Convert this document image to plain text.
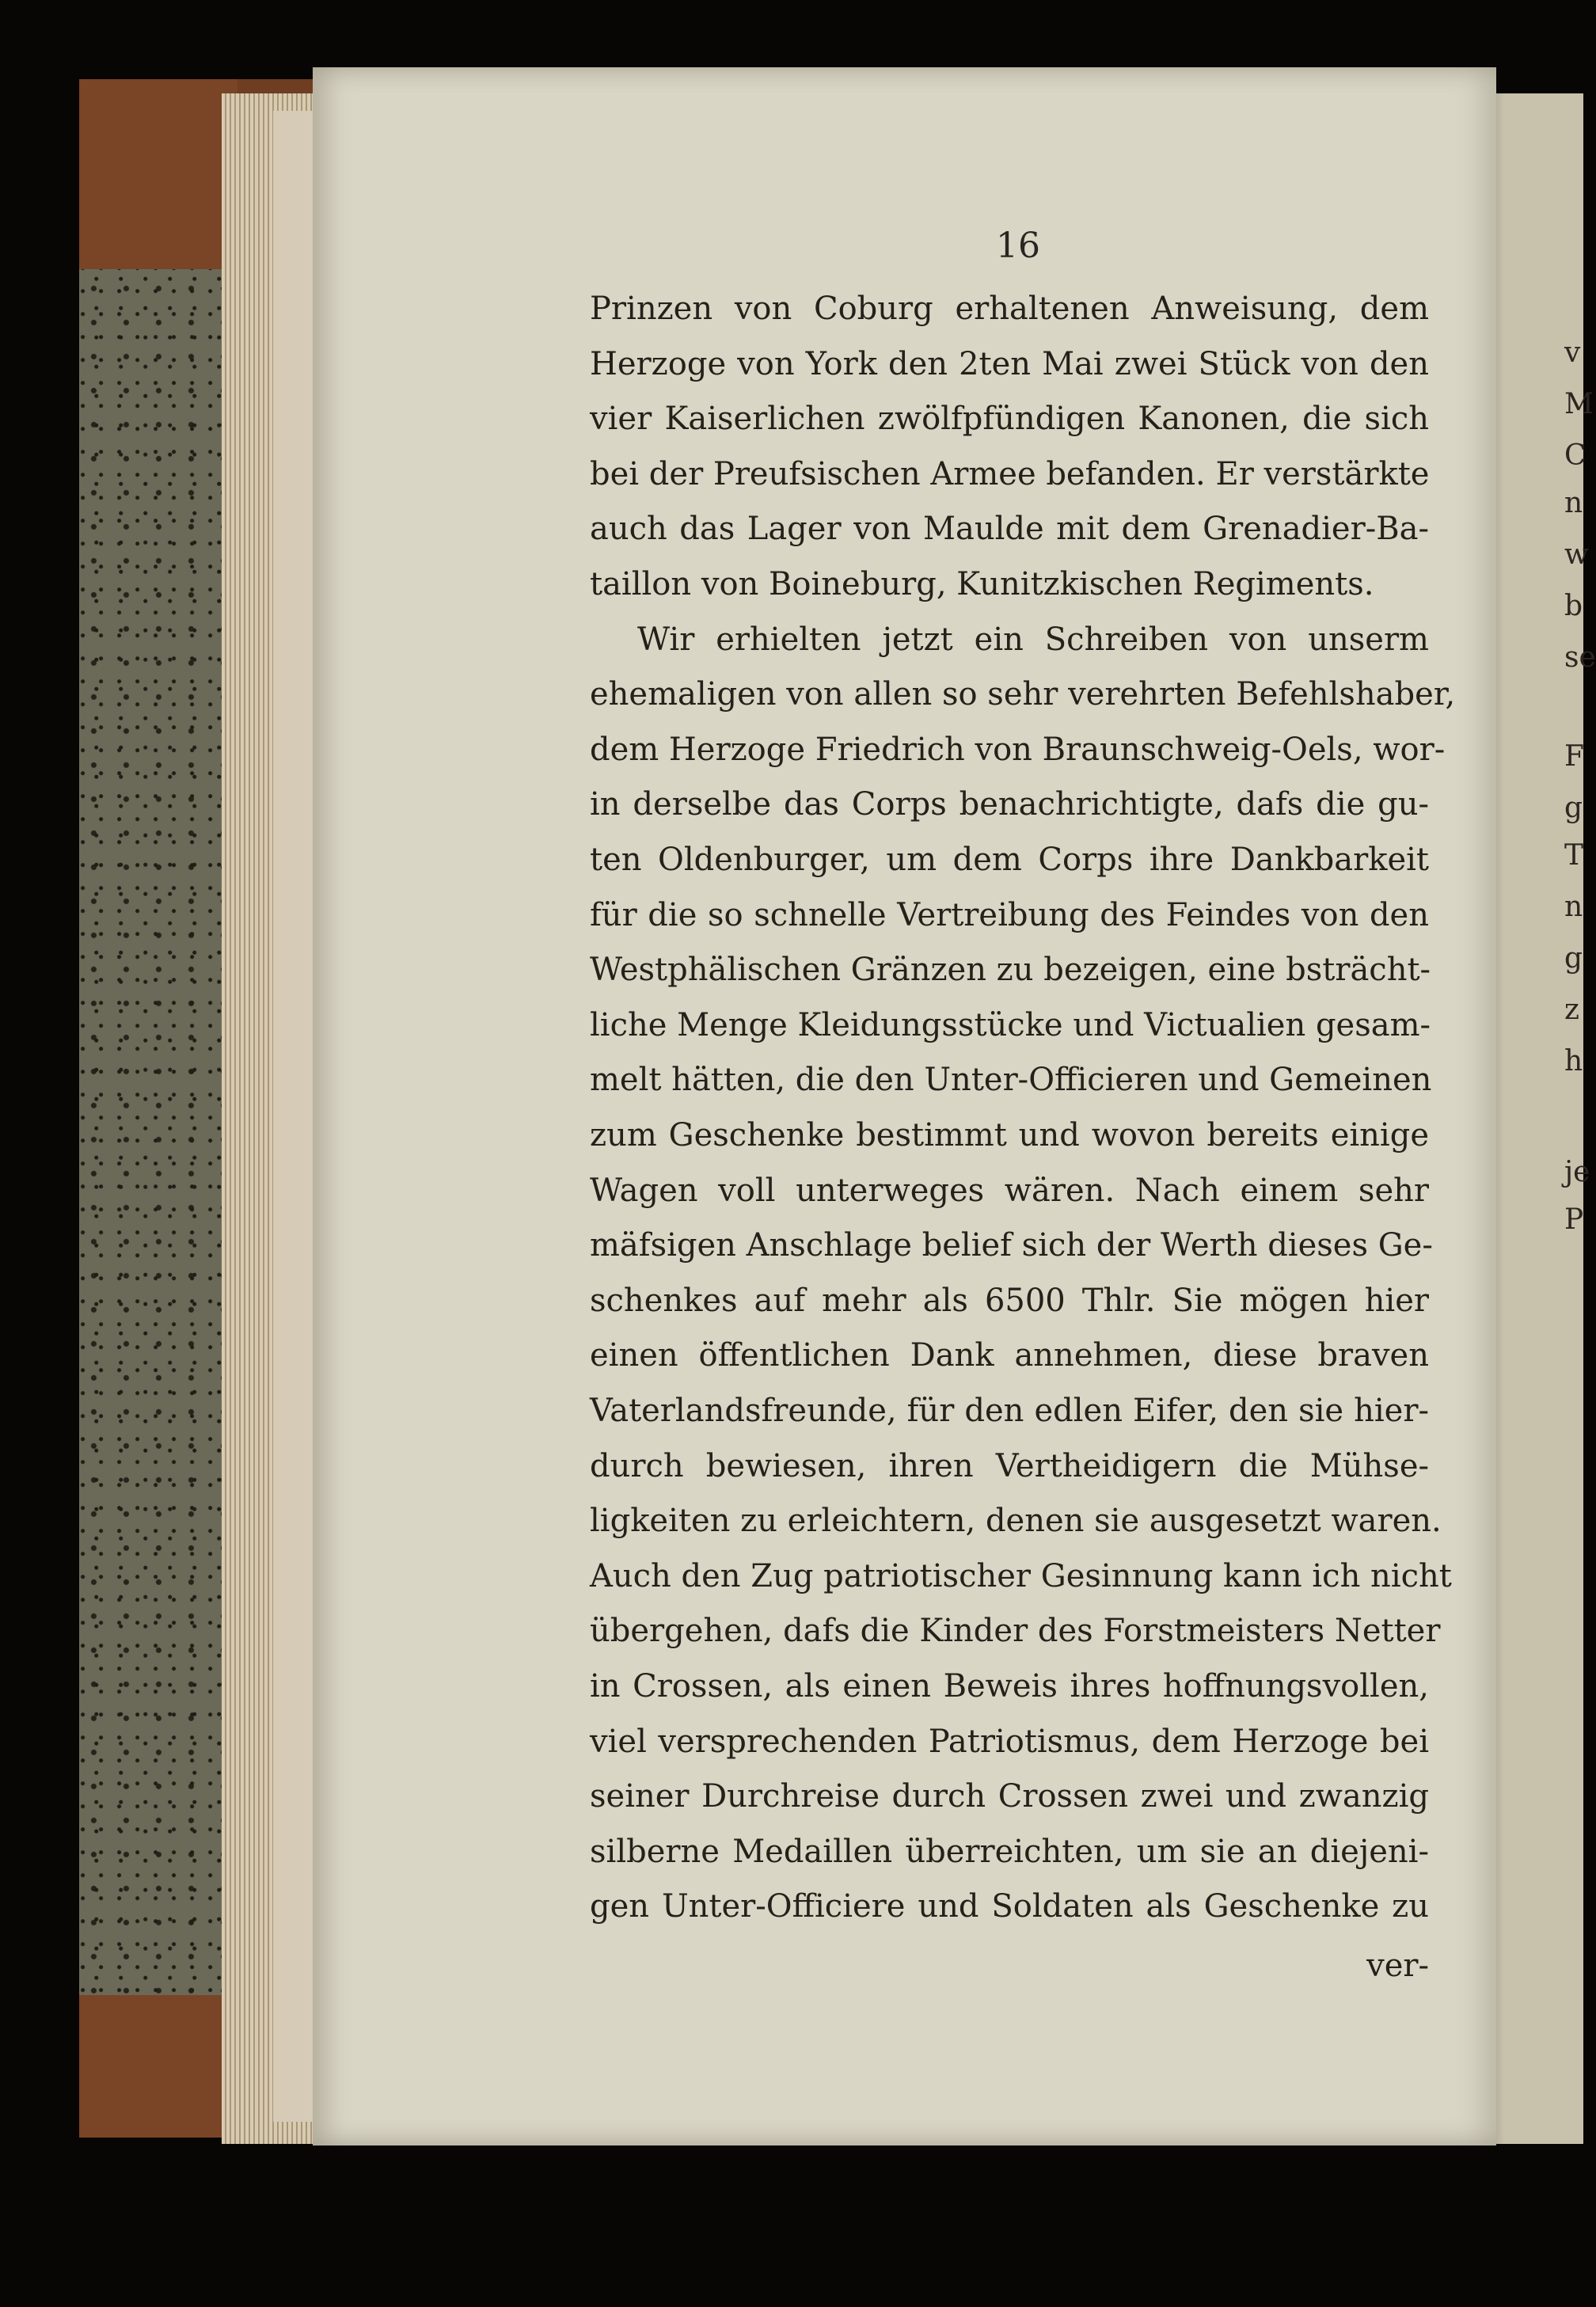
v
M
C
n
w
b
se
F
g
T
n
g
z
h
je
P
16
Prinzen von Coburg erhaltenen Anweisung, dem
Herzoge von York den 2ten Mai zwei Stück von den
vier Kaiserlichen zwölfpfündigen Kanonen, die sich
bei der Preufsischen Armee befanden. Er verstärkte
auch das Lager von Maulde mit dem Grenadier-Ba-
taillon von Boineburg, Kunitzkischen Regiments.
Wir erhielten jetzt ein Schreiben von unserm
ehemaligen von allen so sehr verehrten Befehlshaber,
dem Herzoge Friedrich von Braunschweig-Oels, wor-
in derselbe das Corps benachrichtigte, dafs die gu-
ten Oldenburger, um dem Corps ihre Dankbarkeit
für die so schnelle Vertreibung des Feindes von den
Westphälischen Gränzen zu bezeigen, eine bsträcht-
liche Menge Kleidungsstücke und Victualien gesam-
melt hätten, die den Unter-Officieren und Gemeinen
zum Geschenke bestimmt und wovon bereits einige
Wagen voll unterweges wären. Nach einem sehr
mäfsigen Anschlage belief sich der Werth dieses Ge-
schenkes auf mehr als 6500 Thlr. Sie mögen hier
einen öffentlichen Dank annehmen, diese braven
Vaterlandsfreunde, für den edlen Eifer, den sie hier-
durch bewiesen, ihren Vertheidigern die Mühse-
ligkeiten zu erleichtern, denen sie ausgesetzt waren.
Auch den Zug patriotischer Gesinnung kann ich nicht
übergehen, dafs die Kinder des Forstmeisters Netter
in Crossen, als einen Beweis ihres hoffnungsvollen,
viel versprechenden Patriotismus, dem Herzoge bei
seiner Durchreise durch Crossen zwei und zwanzig
silberne Medaillen überreichten, um sie an diejeni-
gen Unter-Officiere und Soldaten als Geschenke zu
ver-
